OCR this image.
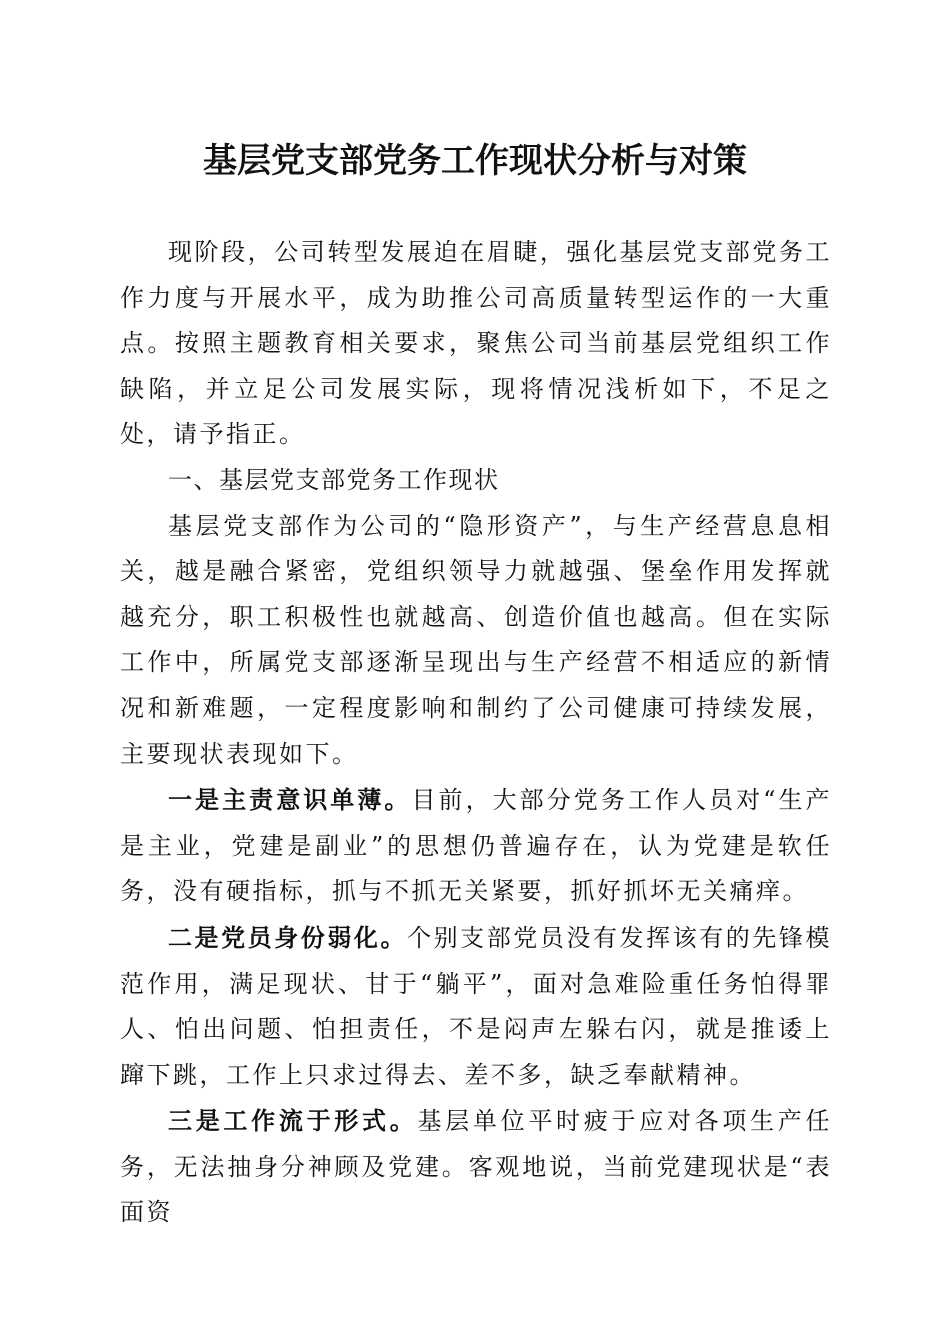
基层党支部党务工作现状分析与对策

现阶段，公司转型发展迫在眉睫，强化基层党支部党务工作力度与开展水平，成为助推公司高质量转型运作的一大重点。按照主题教育相关要求，聚焦公司当前基层党组织工作缺陷，并立足公司发展实际，现将情况浅析如下，不足之处，请予指正。

一、基层党支部党务工作现状

基层党支部作为公司的“隐形资产”，与生产经营息息相关，越是融合紧密，党组织领导力就越强、堡垒作用发挥就越充分，职工积极性也就越高、创造价值也越高。但在实际工作中，所属党支部逐渐呈现出与生产经营不相适应的新情况和新难题，一定程度影响和制约了公司健康可持续发展，主要现状表现如下。

一是主责意识单薄。目前，大部分党务工作人员对“生产是主业，党建是副业”的思想仍普遍存在，认为党建是软任务，没有硬指标，抓与不抓无关紧要，抓好抓坏无关痛痒。

二是党员身份弱化。个别支部党员没有发挥该有的先锋模范作用，满足现状、甘于“躺平”，面对急难险重任务怕得罪人、怕出问题、怕担责任，不是闷声左躲右闪，就是推诿上蹿下跳，工作上只求过得去、差不多，缺乏奉献精神。

三是工作流于形式。基层单位平时疲于应对各项生产任务，无法抽身分神顾及党建。客观地说，当前党建现状是“表面资
